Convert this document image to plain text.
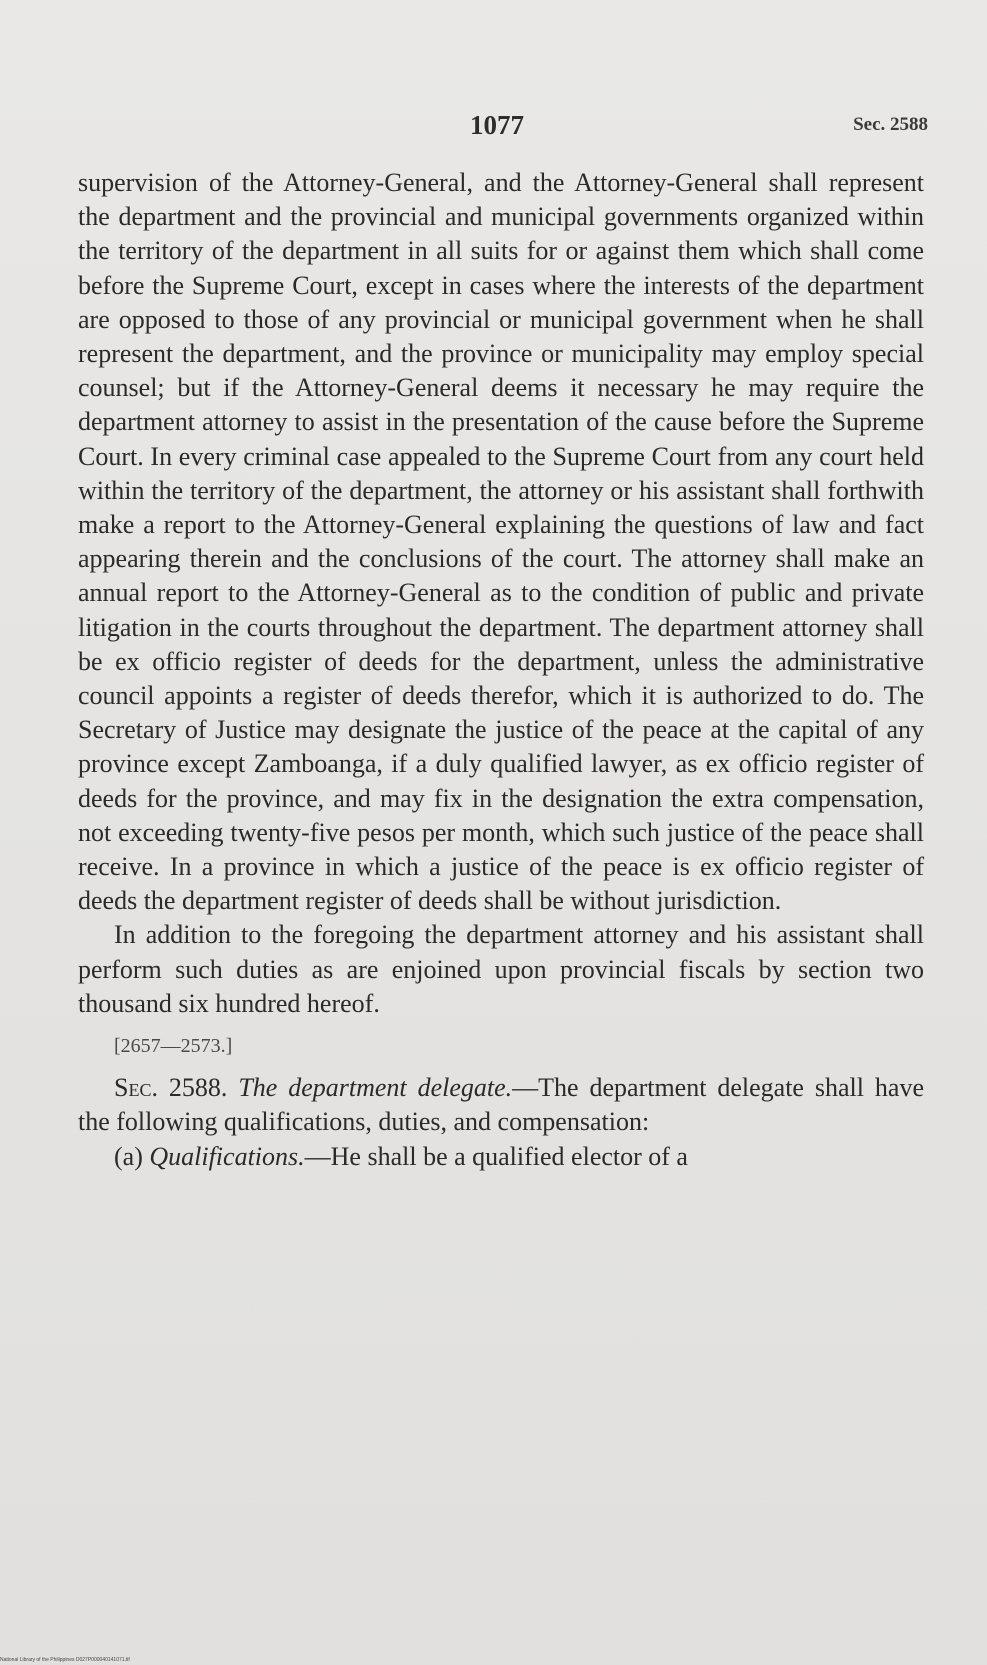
1077	Sec. 2588

supervision of the Attorney-General, and the Attorney-General shall represent the department and the provincial and municipal governments organized within the territory of the department in all suits for or against them which shall come before the Supreme Court, except in cases where the interests of the department are opposed to those of any provincial or municipal government when he shall represent the department, and the province or municipality may employ special counsel; but if the Attorney-General deems it necessary he may require the department attorney to assist in the presentation of the cause before the Supreme Court. In every criminal case appealed to the Supreme Court from any court held within the territory of the department, the attorney or his assistant shall forthwith make a report to the Attorney-General explaining the questions of law and fact appearing therein and the conclusions of the court. The attorney shall make an annual report to the Attorney-General as to the condition of public and private litigation in the courts throughout the department. The department attorney shall be ex officio register of deeds for the department, unless the administrative council appoints a register of deeds therefor, which it is authorized to do. The Secretary of Justice may designate the justice of the peace at the capital of any province except Zamboanga, if a duly qualified lawyer, as ex officio register of deeds for the province, and may fix in the designation the extra compensation, not exceeding twenty-five pesos per month, which such justice of the peace shall receive. In a province in which a justice of the peace is ex officio register of deeds the department register of deeds shall be without jurisdiction.

In addition to the foregoing the department attorney and his assistant shall perform such duties as are enjoined upon provincial fiscals by section two thousand six hundred hereof.

[2657—2573.]

Sec. 2588. The department delegate.—The department delegate shall have the following qualifications, duties, and compensation:

(a) Qualifications.—He shall be a qualified elector of a

National Library of the Philippines D027P000040141071.tif
